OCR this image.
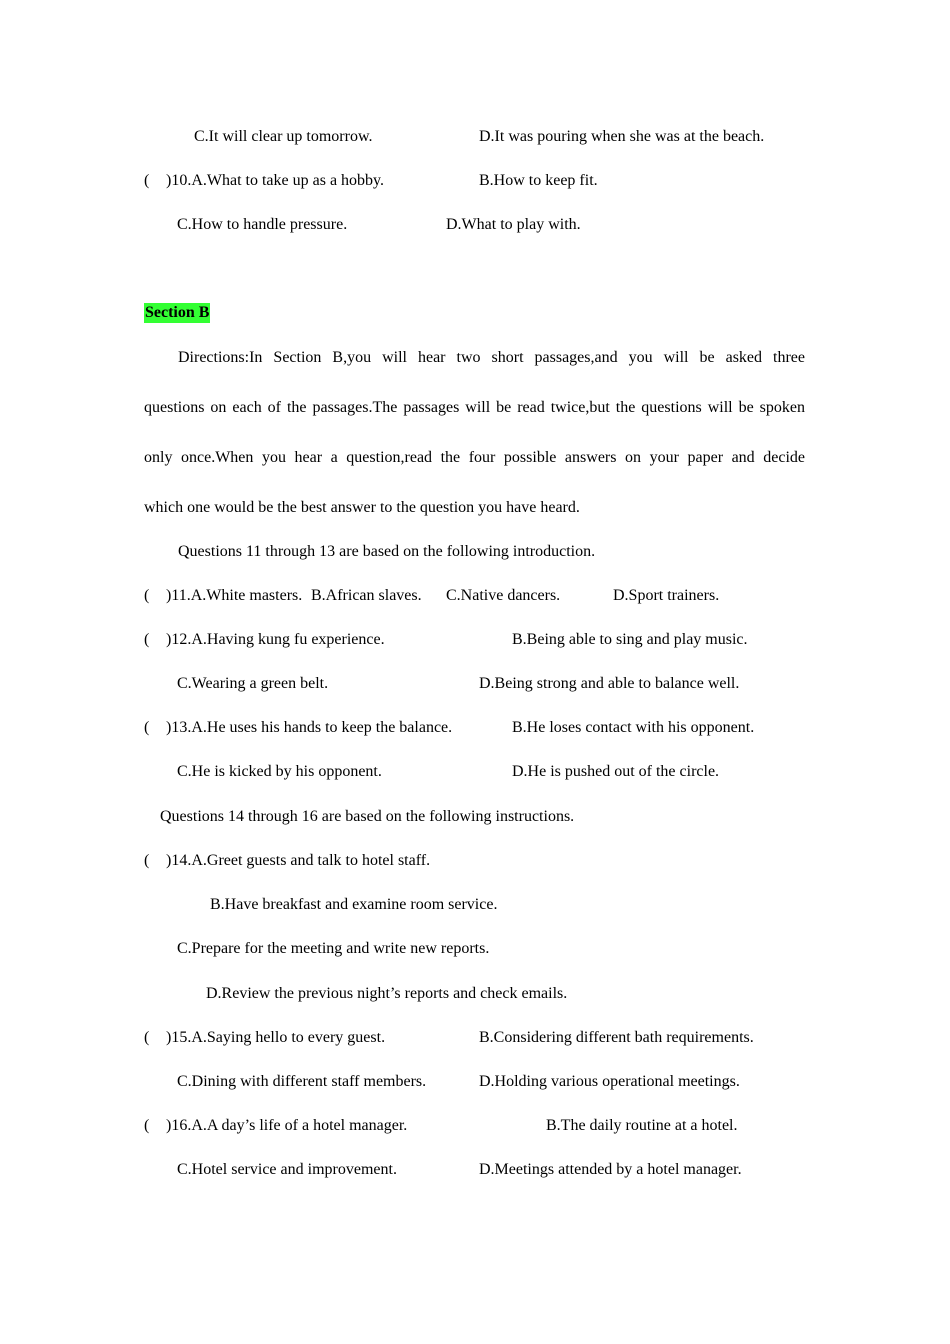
C.It will clear up tomorrow.	D.It was pouring when she was at the beach.
( )10.A.What to take up as a hobby.	B.How to keep fit.
C.How to handle pressure.	D.What to play with.
Section B
Directions:In Section B,you will hear two short passages,and you will be asked three
questions on each of the passages.The passages will be read twice,but the questions will be spoken
only once.When you hear a question,read the four possible answers on your paper and decide
which one would be the best answer to the question you have heard.
Questions 11 through 13 are based on the following introduction.
( )11.A.White masters. B.African slaves. C.Native dancers.	D.Sport trainers.
( )12.A.Having kung fu experience.	B.Being able to sing and play music.
C.Wearing a green belt.	D.Being strong and able to balance well.
( )13.A.He uses his hands to keep the balance.	B.He loses contact with his opponent.
C.He is kicked by his opponent.	D.He is pushed out of the circle.
Questions 14 through 16 are based on the following instructions.
( )14.A.Greet guests and talk to hotel staff.
B.Have breakfast and examine room service.
C.Prepare for the meeting and write new reports.
D.Review the previous night’s reports and check emails.
( )15.A.Saying hello to every guest.	B.Considering different bath requirements.
C.Dining with different staff members.	D.Holding various operational meetings.
( )16.A.A day’s life of a hotel manager.	B.The daily routine at a hotel.
C.Hotel service and improvement.	D.Meetings attended by a hotel manager.
